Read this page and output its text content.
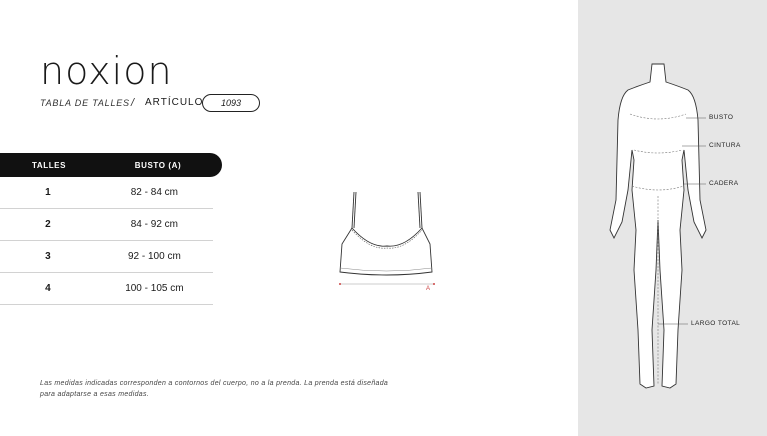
noxion
TABLA DE TALLES / ARTÍCULO	1093
TALLES	BUSTO (A)
1	82 - 84 cm
2	84 - 92 cm
3	92 - 100 cm
4	100 - 105 cm
Las medidas indicadas corresponden a contornos del cuerpo, no a la prenda. La prenda está diseñada para adaptarse a esas medidas.
A
BUSTO
CINTURA
CADERA
LARGO TOTAL
